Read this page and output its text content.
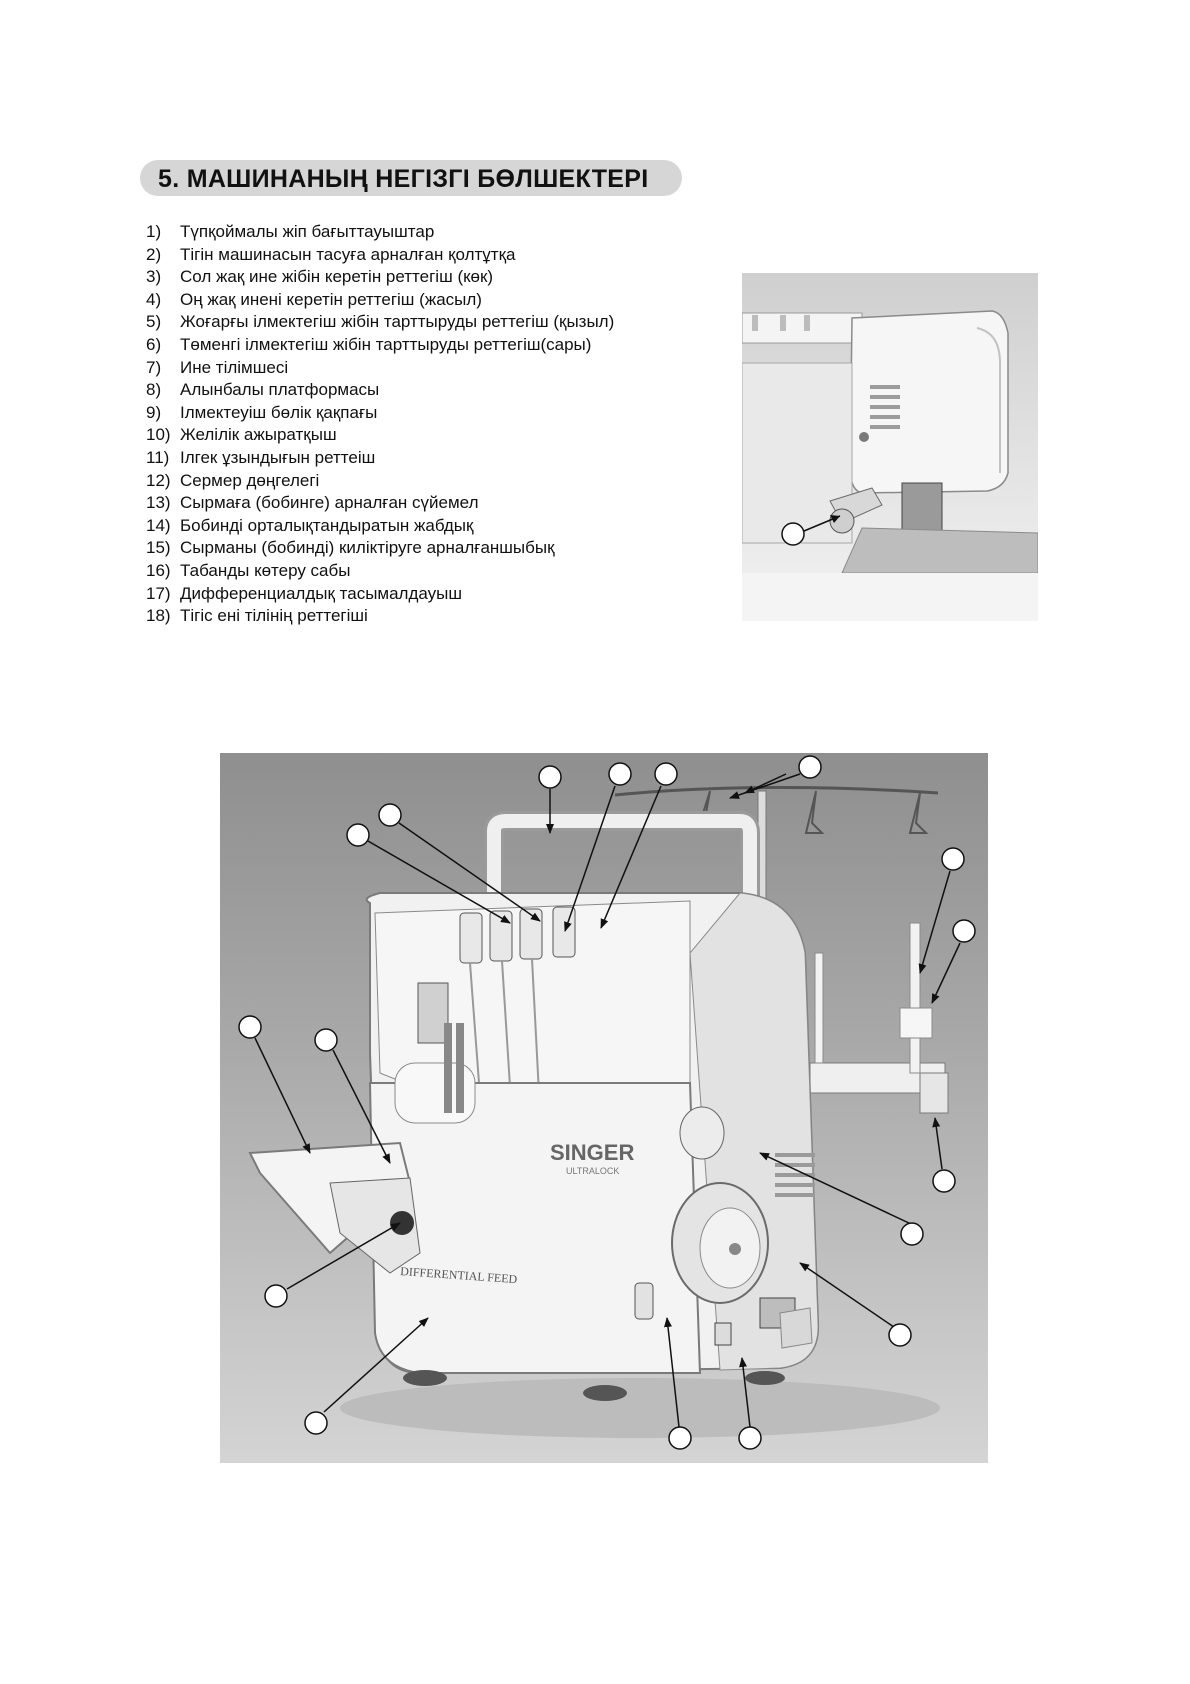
5. МАШИНАНЫҢ НЕГІЗГІ БӨЛШЕКТЕРІ
1) Түпқоймалы жіп бағыттауыштар
2) Тігін машинасын тасуға арналған қолтұтқа
3) Сол жақ ине жібін керетін реттегіш (көк)
4) Оң жақ инені керетін реттегіш (жасыл)
5) Жоғарғы ілмектегіш жібін тарттыруды реттегіш (қызыл)
6) Төменгі ілмектегіш жібін тарттыруды реттегіш(сары)
7) Ине тілімшесі
8) Алынбалы платформасы
9) Ілмектеуіш бөлік қақпағы
10) Желілік ажыратқыш
11) Ілгек ұзындығын реттеіш
12) Сермер дөңгелегі
13) Сырмаға (бобинге) арналған сүйемел
14) Бобинді орталықтандыратын жабдық
15) Сырманы (бобинді) киліктіруге арналғаншыбық
16) Табанды көтеру сабы
17) Дифференциалдық тасымалдауыш
18) Тігіс ені тілінің реттегіші
SINGER
ULTRALOCK
DIFFERENTIAL FEED
